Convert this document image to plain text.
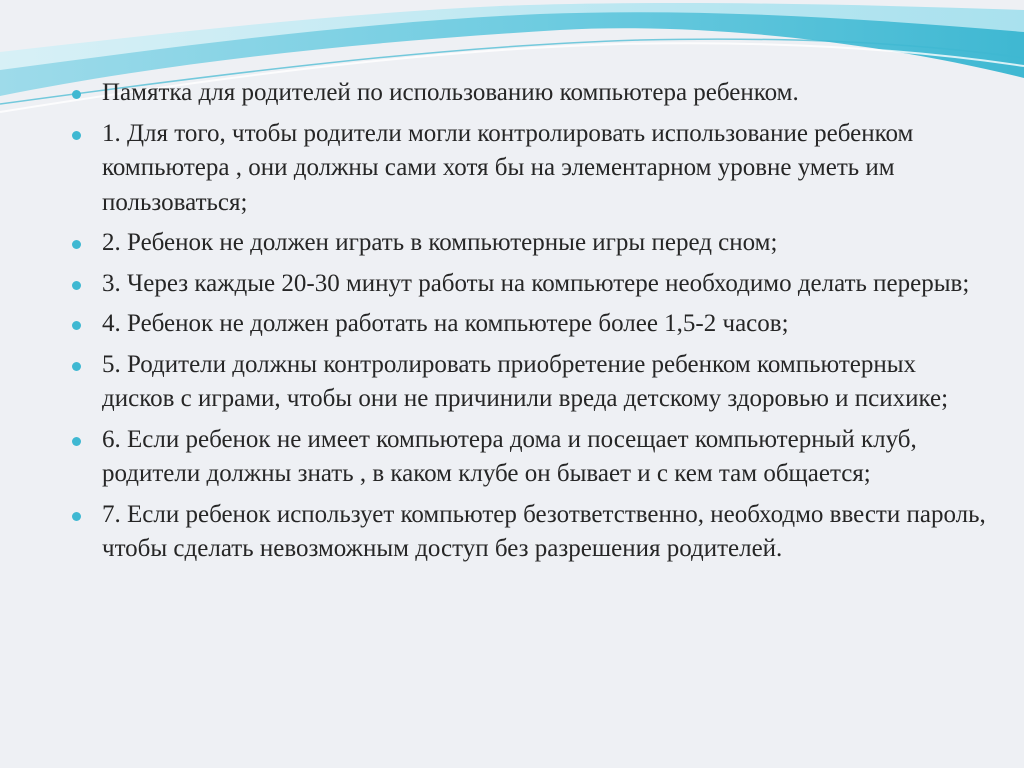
Памятка для родителей по использованию компьютера ребенком.
1. Для того, чтобы родители могли контролировать использование ребенком компьютера , они должны сами хотя бы на элементарном уровне уметь им пользоваться;
2. Ребенок не должен играть в компьютерные игры перед сном;
3. Через каждые 20-30 минут работы на компьютере необходимо делать перерыв;
4. Ребенок не должен работать на компьютере более 1,5-2 часов;
5. Родители должны контролировать приобретение ребенком компьютерных дисков с играми, чтобы они не причинили вреда детскому здоровью и психике;
6. Если ребенок не имеет компьютера дома и посещает компьютерный клуб, родители должны знать , в каком клубе он бывает и с кем там общается;
7. Если ребенок использует компьютер безответственно, необходмо ввести пароль, чтобы сделать невозможным доступ без разрешения родителей.
